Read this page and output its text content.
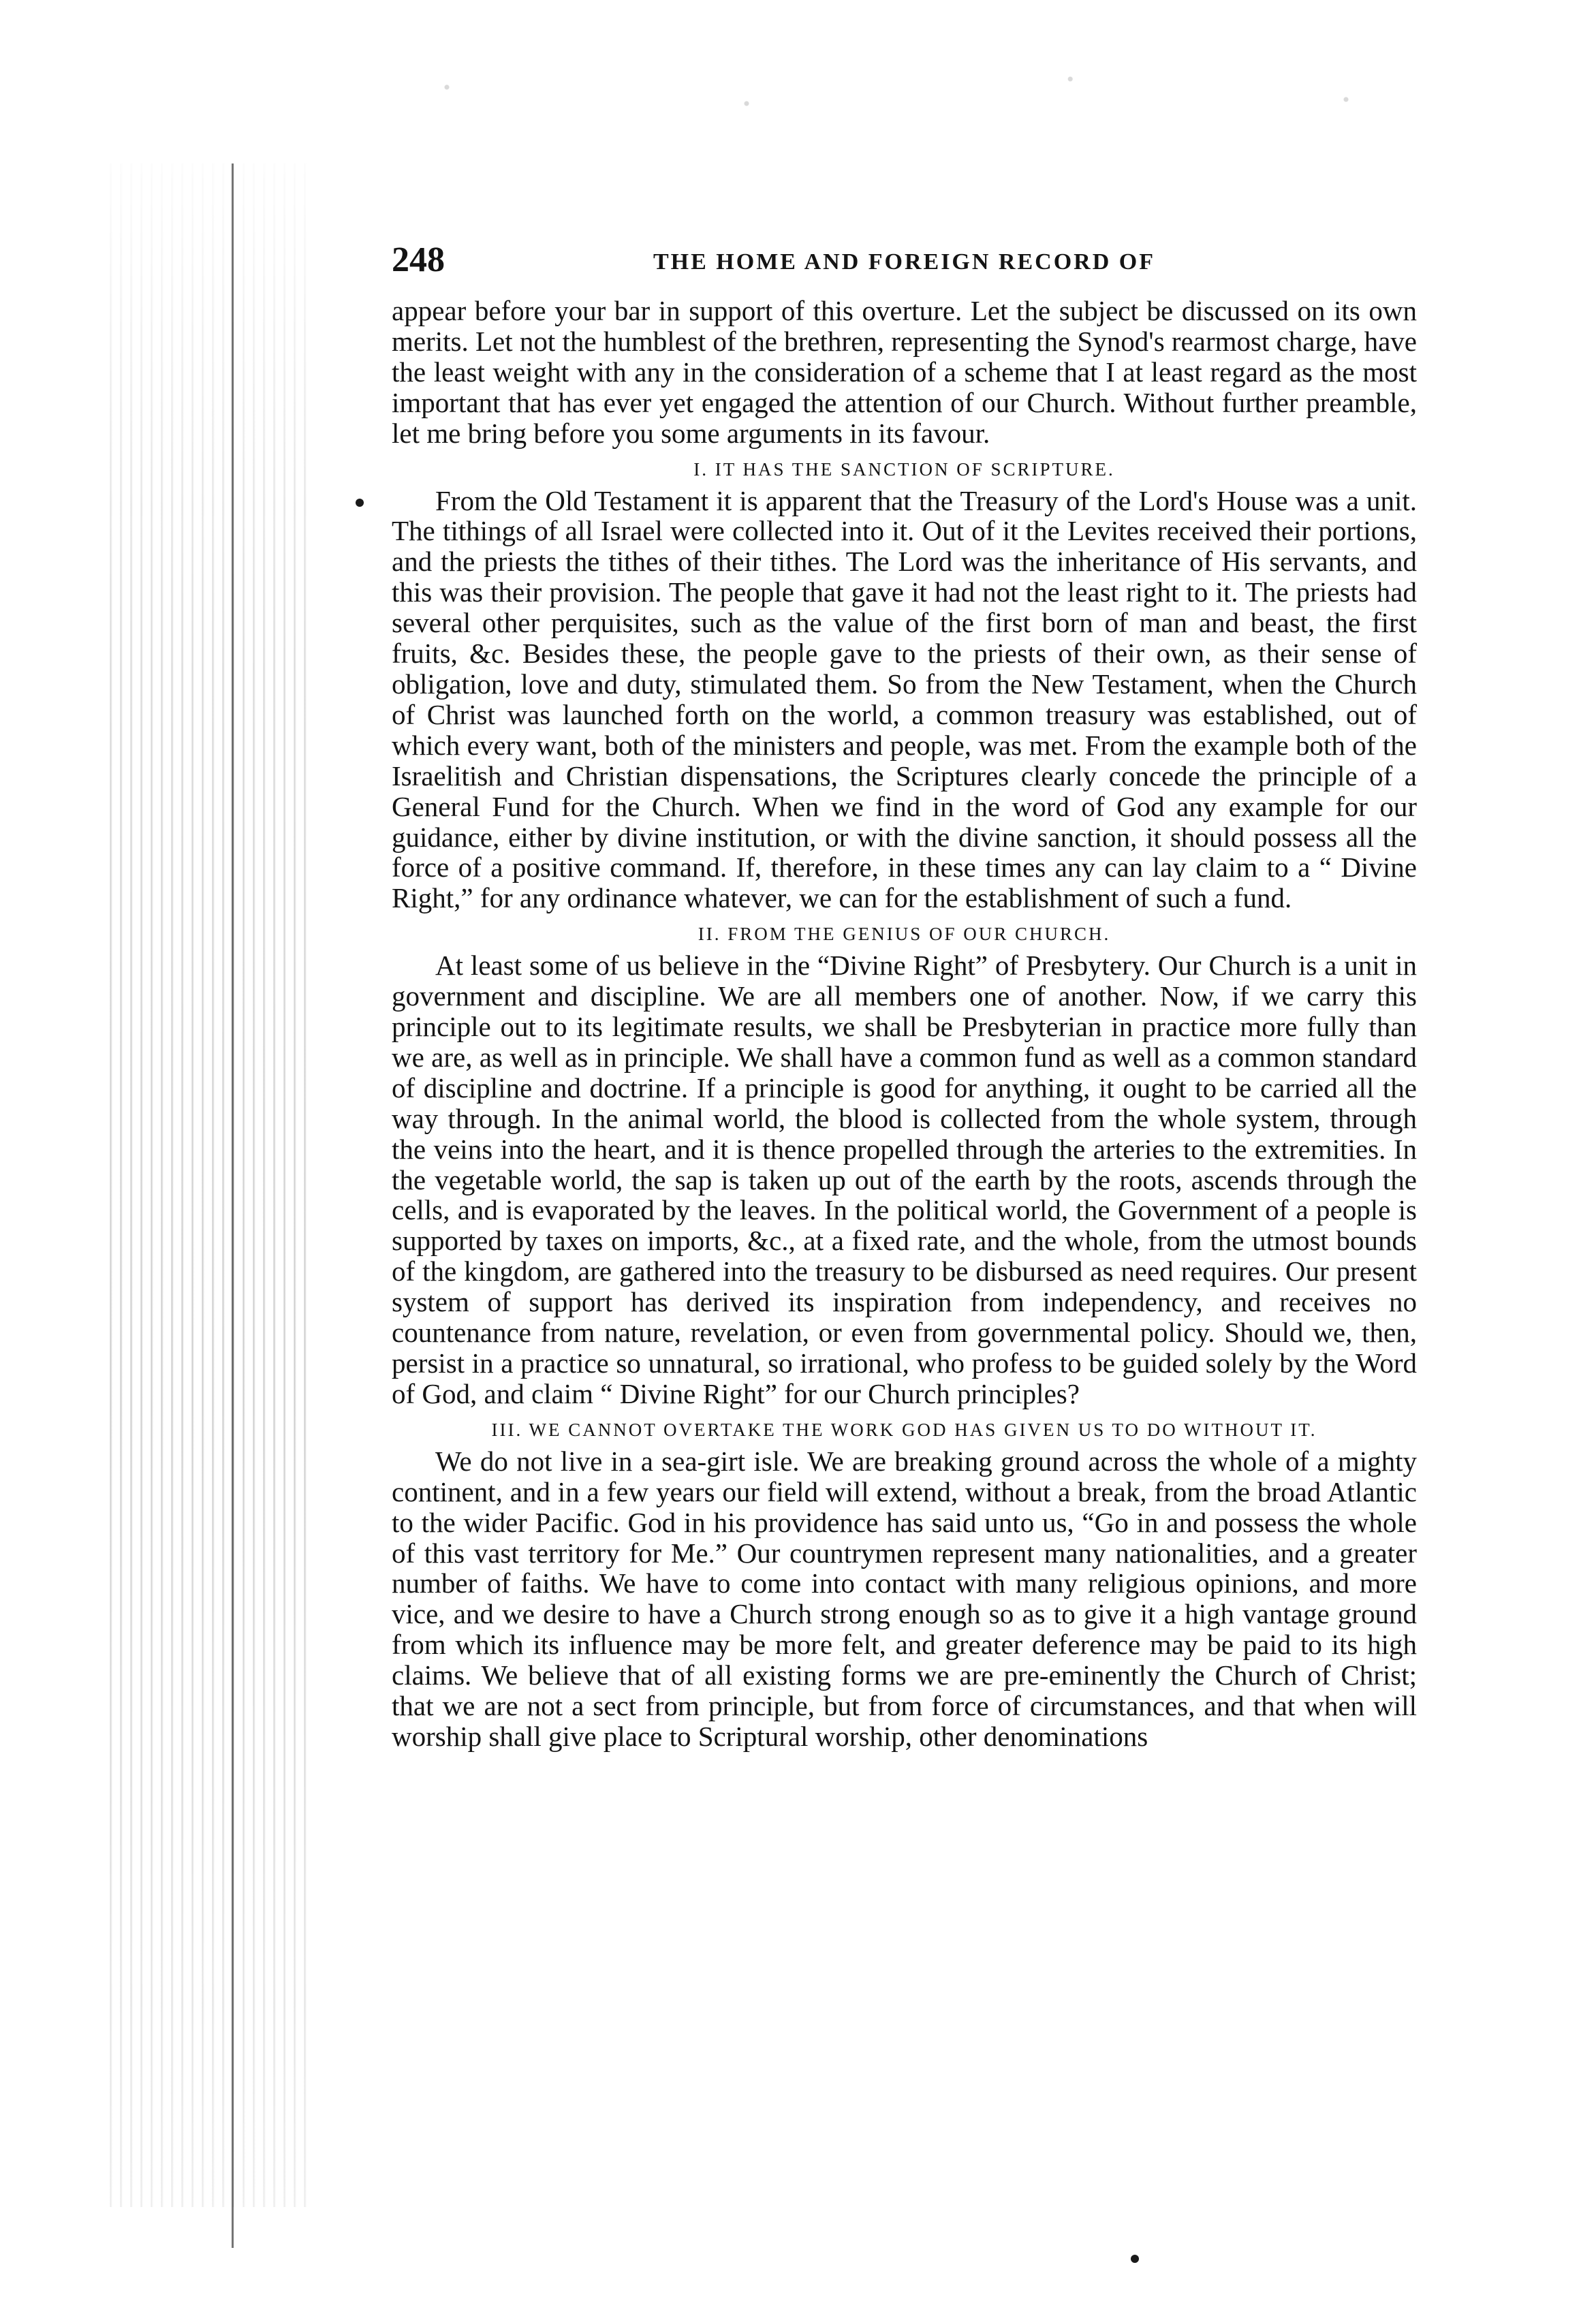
248	THE HOME AND FOREIGN RECORD OF

appear before your bar in support of this overture. Let the subject be discussed on its own merits. Let not the humblest of the brethren, representing the Synod's rearmost charge, have the least weight with any in the consideration of a scheme that I at least regard as the most important that has ever yet engaged the attention of our Church. Without further preamble, let me bring before you some arguments in its favour.

I. IT HAS THE SANCTION OF SCRIPTURE.

From the Old Testament it is apparent that the Treasury of the Lord's House was a unit. The tithings of all Israel were collected into it. Out of it the Levites received their portions, and the priests the tithes of their tithes. The Lord was the inheritance of His servants, and this was their provision. The people that gave it had not the least right to it. The priests had several other perquisites, such as the value of the first born of man and beast, the first fruits, &c. Besides these, the people gave to the priests of their own, as their sense of obligation, love and duty, stimulated them. So from the New Testament, when the Church of Christ was launched forth on the world, a common treasury was established, out of which every want, both of the ministers and people, was met. From the example both of the Israelitish and Christian dispensations, the Scriptures clearly concede the principle of a General Fund for the Church. When we find in the word of God any example for our guidance, either by divine institution, or with the divine sanction, it should possess all the force of a positive command. If, therefore, in these times any can lay claim to a “ Divine Right,” for any ordinance whatever, we can for the establishment of such a fund.

II. FROM THE GENIUS OF OUR CHURCH.

At least some of us believe in the “Divine Right” of Presbytery. Our Church is a unit in government and discipline. We are all members one of another. Now, if we carry this principle out to its legitimate results, we shall be Presbyterian in practice more fully than we are, as well as in principle. We shall have a common fund as well as a common standard of discipline and doctrine. If a principle is good for anything, it ought to be carried all the way through. In the animal world, the blood is collected from the whole system, through the veins into the heart, and it is thence propelled through the arteries to the extremities. In the vegetable world, the sap is taken up out of the earth by the roots, ascends through the cells, and is evaporated by the leaves. In the political world, the Government of a people is supported by taxes on imports, &c., at a fixed rate, and the whole, from the utmost bounds of the kingdom, are gathered into the treasury to be disbursed as need requires. Our present system of support has derived its inspiration from independency, and receives no countenance from nature, revelation, or even from governmental policy. Should we, then, persist in a practice so unnatural, so irrational, who profess to be guided solely by the Word of God, and claim “ Divine Right” for our Church principles?

III. WE CANNOT OVERTAKE THE WORK GOD HAS GIVEN US TO DO WITHOUT IT.

We do not live in a sea-girt isle. We are breaking ground across the whole of a mighty continent, and in a few years our field will extend, without a break, from the broad Atlantic to the wider Pacific. God in his providence has said unto us, “Go in and possess the whole of this vast territory for Me.” Our countrymen represent many nationalities, and a greater number of faiths. We have to come into contact with many religious opinions, and more vice, and we desire to have a Church strong enough so as to give it a high vantage ground from which its influence may be more felt, and greater deference may be paid to its high claims. We believe that of all existing forms we are pre-eminently the Church of Christ; that we are not a sect from principle, but from force of circumstances, and that when will worship shall give place to Scriptural worship, other denominations
